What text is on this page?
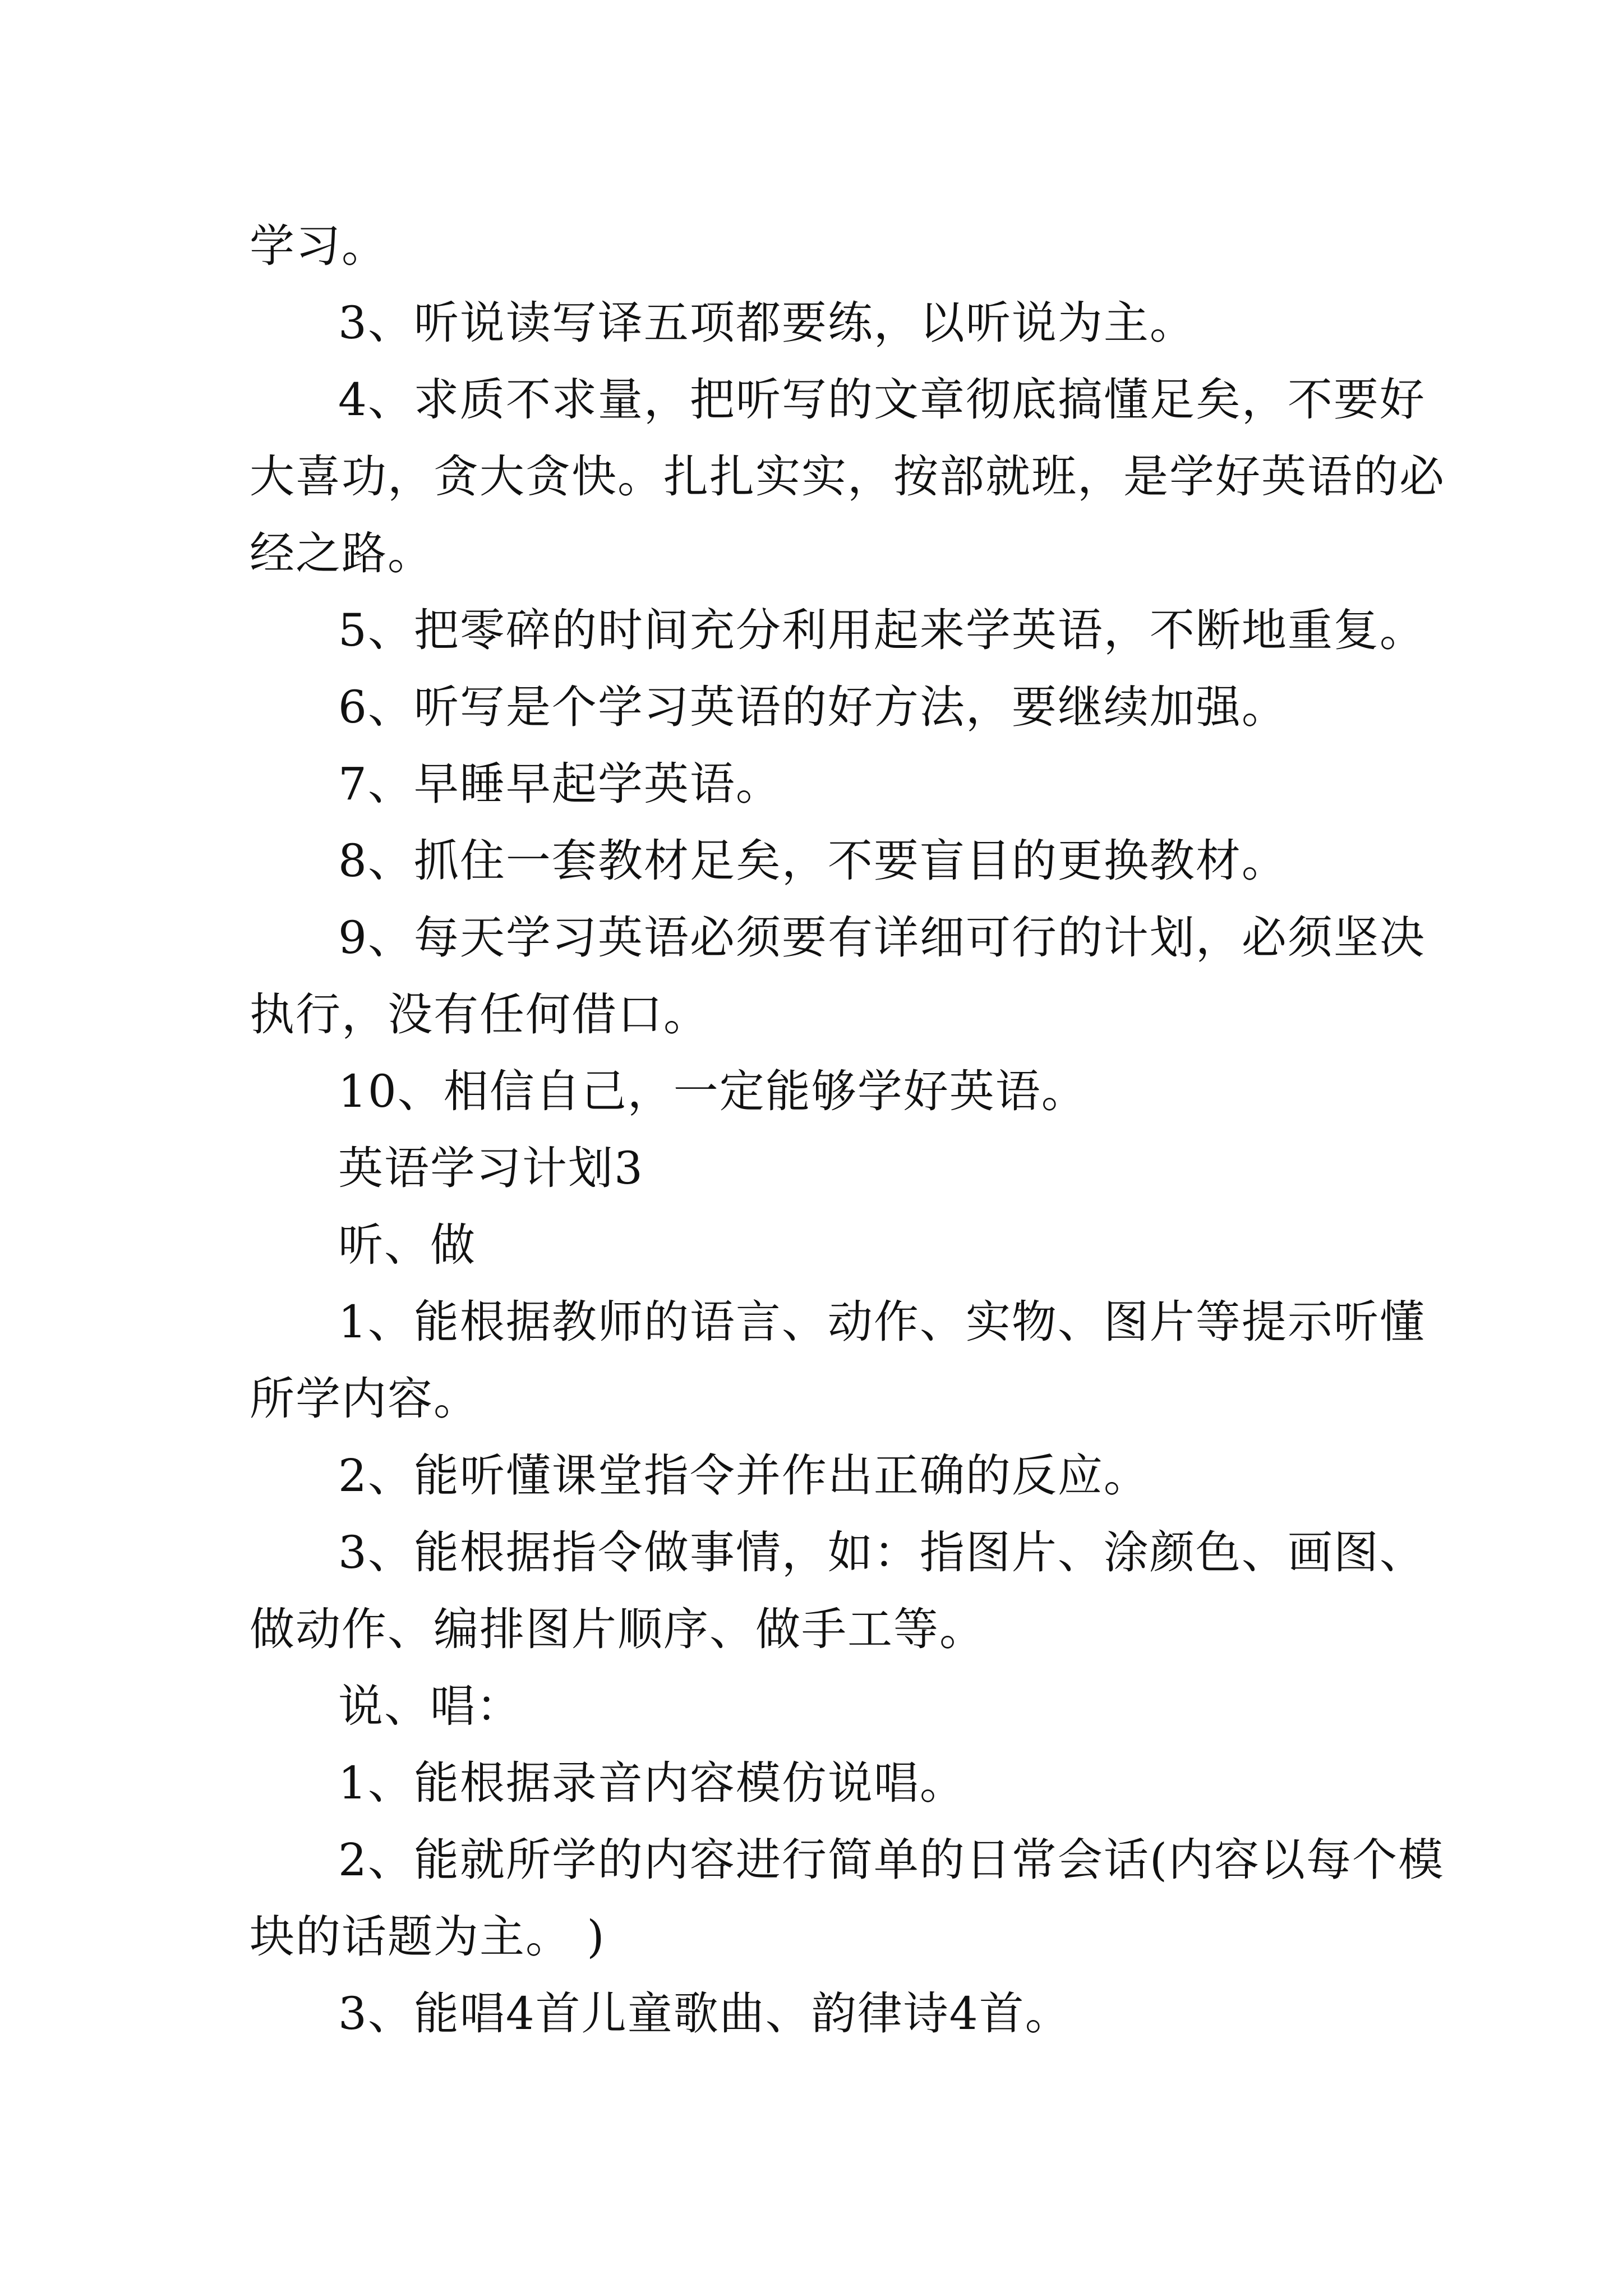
学习。

3、听说读写译五项都要练，以听说为主。

4、求质不求量，把听写的文章彻底搞懂足矣，不要好

大喜功，贪大贪快。扎扎实实，按部就班，是学好英语的必

经之路。

5、把零碎的时间充分利用起来学英语，不断地重复。

6、听写是个学习英语的好方法，要继续加强。

7、早睡早起学英语。

8、抓住一套教材足矣，不要盲目的更换教材。

9、每天学习英语必须要有详细可行的计划，必须坚决

执行，没有任何借口。

10、相信自己，一定能够学好英语。

英语学习计划3

听、做

1、能根据教师的语言、动作、实物、图片等提示听懂

所学内容。

2、能听懂课堂指令并作出正确的反应。

3、能根据指令做事情，如：指图片、涂颜色、画图、

做动作、编排图片顺序、做手工等。

说、唱：

1、能根据录音内容模仿说唱。

2、能就所学的内容进行简单的日常会话(内容以每个模

块的话题为主。 )

3、能唱4首儿童歌曲、韵律诗4首。
